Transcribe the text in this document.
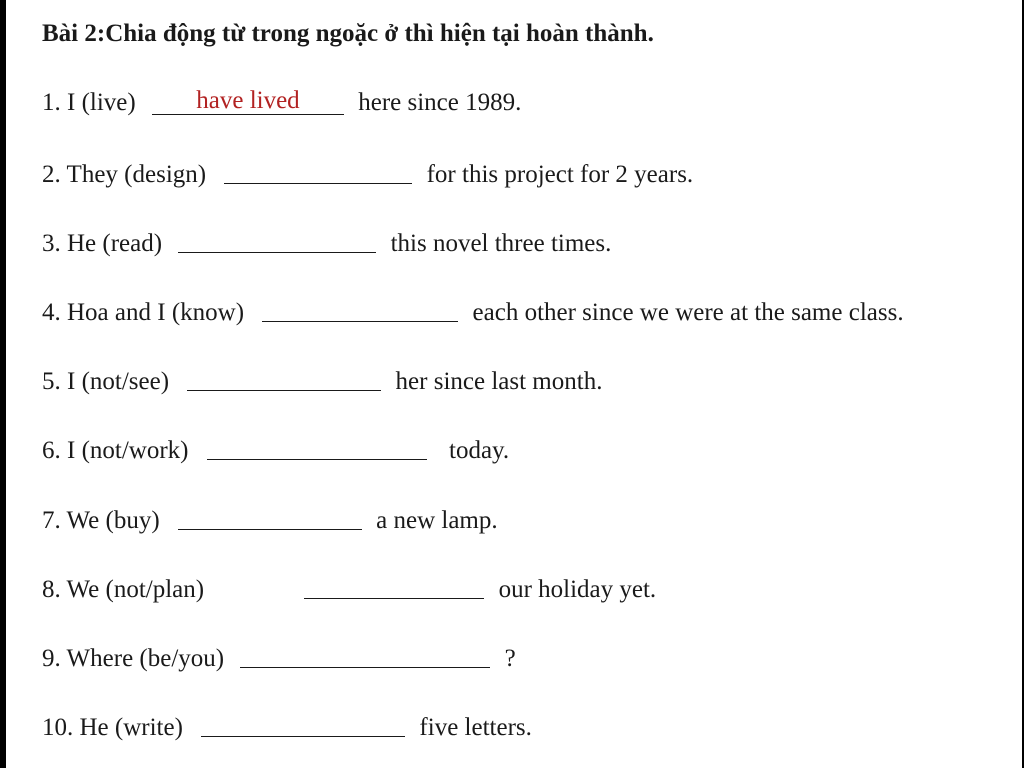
Bài 2:Chia động từ trong ngoặc ở thì hiện tại hoàn thành.
1. I (live) have lived here since 1989.
2. They (design)	for this project for 2 years.
3. He (read)	this novel three times.
4. Hoa and I (know)	each other since we were at the same class.
5. I (not/see)	her since last month.
6. I (not/work)	today.
7. We (buy)	a new lamp.
8. We (not/plan)	our holiday yet.
9. Where (be/you)	?
10. He (write)	five letters.
